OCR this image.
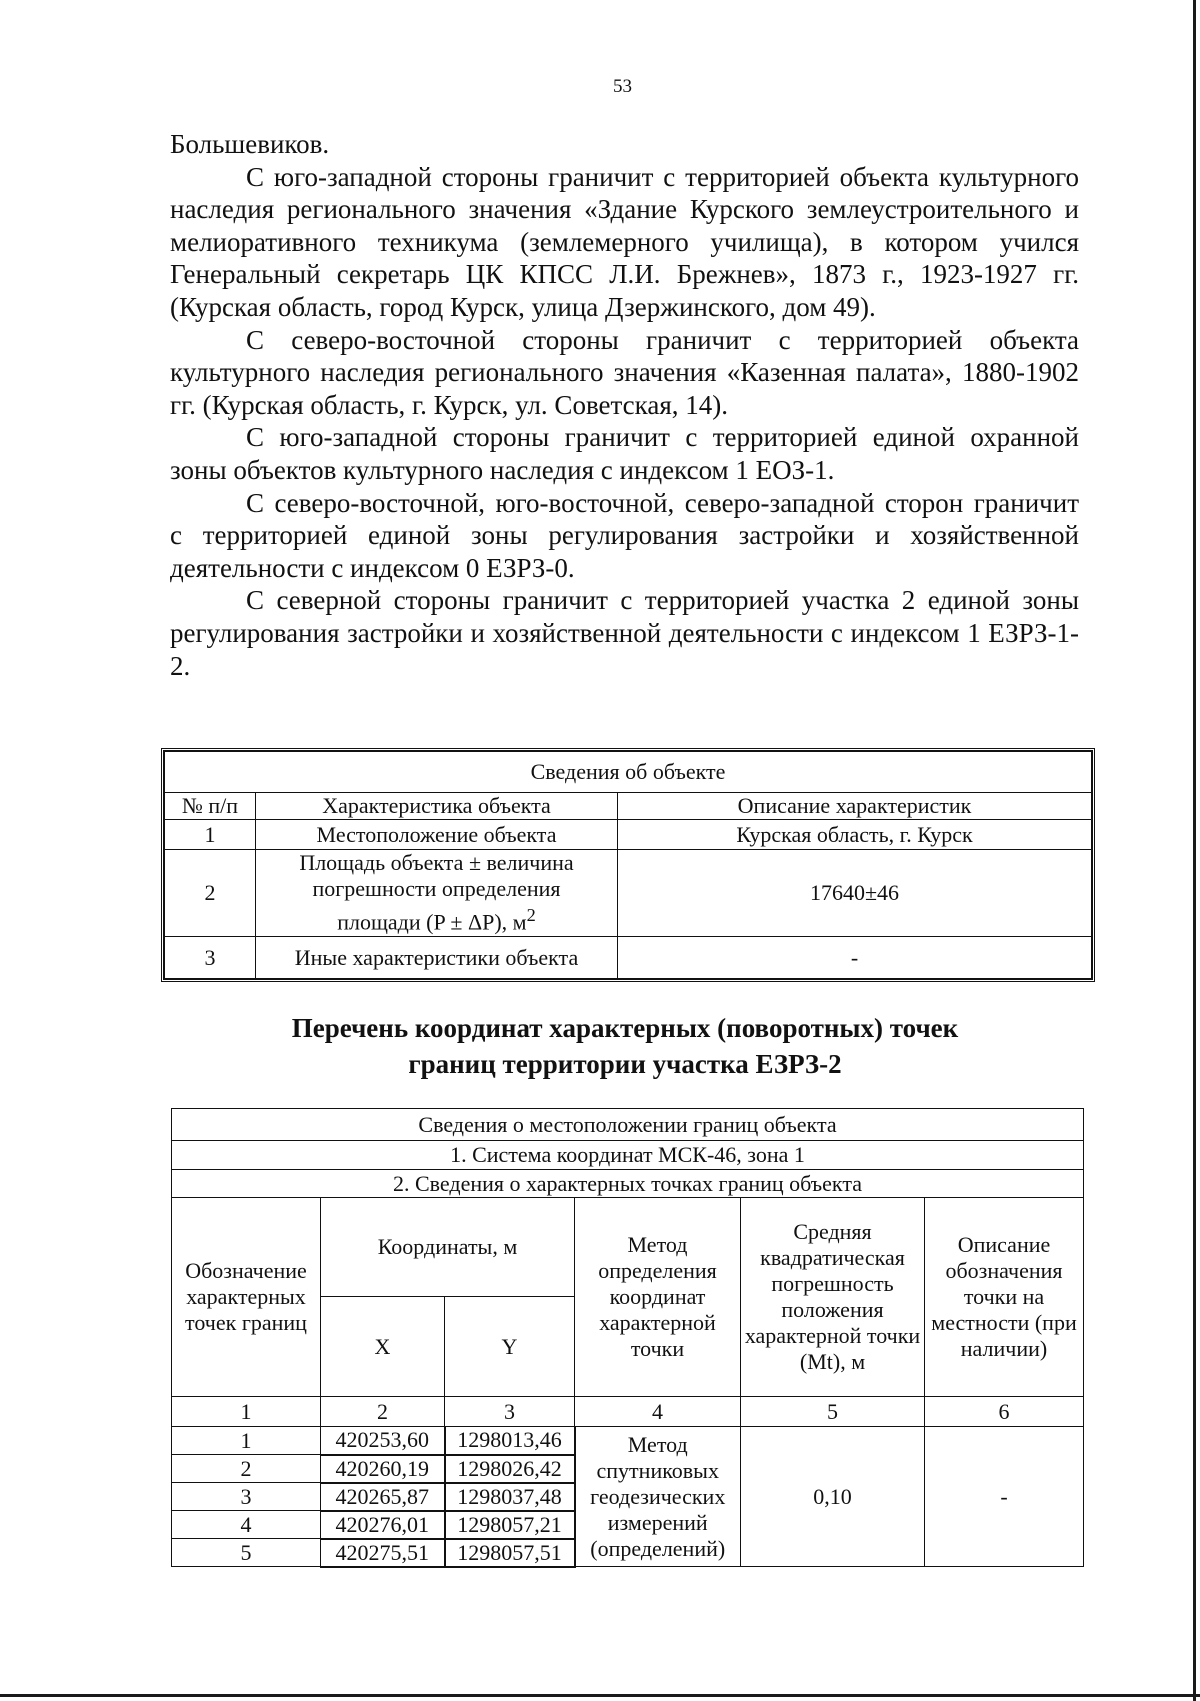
53

Большевиков.

С юго-западной стороны граничит с территорией объекта культурного наследия регионального значения «Здание Курского землеустроительного и мелиоративного техникума (землемерного училища), в котором учился Генеральный секретарь ЦК КПСС Л.И. Брежнев», 1873 г., 1923-1927 гг. (Курская область, город Курск, улица Дзержинского, дом 49).

С северо-восточной стороны граничит с территорией объекта культурного наследия регионального значения «Казенная палата», 1880-1902 гг. (Курская область, г. Курск, ул. Советская, 14).

С юго-западной стороны граничит с территорией единой охранной зоны объектов культурного наследия с индексом 1 ЕОЗ-1.

С северо-восточной, юго-восточной, северо-западной сторон граничит с территорией единой зоны регулирования застройки и хозяйственной деятельности с индексом 0 ЕЗРЗ-0.

С северной стороны граничит с территорией участка 2 единой зоны регулирования застройки и хозяйственной деятельности с индексом 1 ЕЗРЗ-1-2.

Сведения об объекте		
№ п/п	Характеристика объекта	Описание характеристик
1	Местоположение объекта	Курская область, г. Курск
2	Площадь объекта ± величина
погрешности определения
площади (P ± ΔP), $м^2$	17640±46
3	Иные характеристики объекта	-
Перечень координат характерных (поворотных) точек
границ территории участка ЕЗРЗ-2
Сведения о местоположении границ объекта					
1. Система координат МСК-46, зона 1					
2. Сведения о характерных точках границ объекта					
Обозначение характерных точек границ	Координаты, м		Метод определения координат характерной точки	Средняя квадратическая погрешность положения характерной точки (Mt), м	Описание обозначения точки на местности (при наличии)
	X	Y			
1	2	3	4	5	6
1	420253,60	1298013,46	Метод спутниковых геодезических измерений (определений)	0,10	-
2	420260,19	1298026,42			
3	420265,87	1298037,48			
4	420276,01	1298057,21			
5	420275,51	1298057,51			
